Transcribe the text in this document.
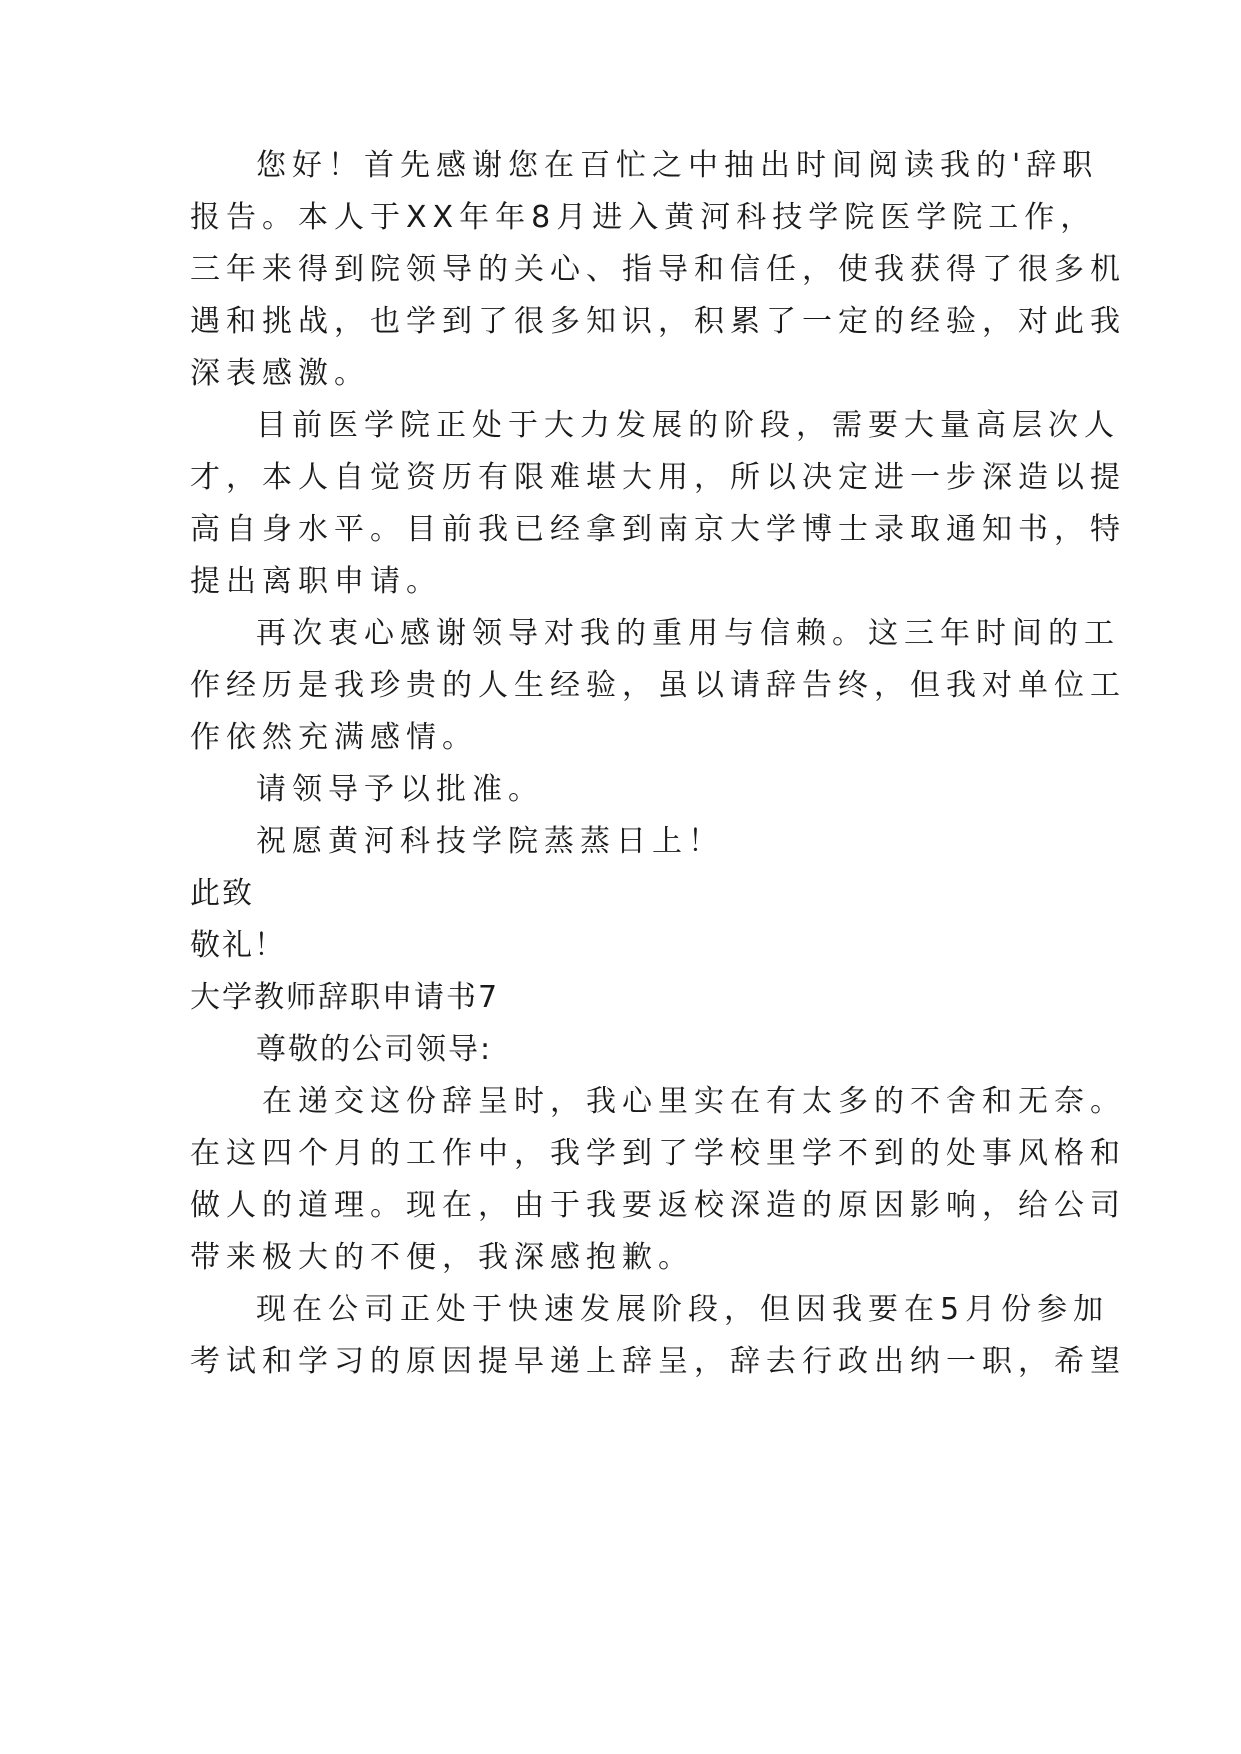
您好！首先感谢您在百忙之中抽出时间阅读我的'辞职
报告。本人于XX年年8月进入黄河科技学院医学院工作，
三年来得到院领导的关心、指导和信任，使我获得了很多机
遇和挑战，也学到了很多知识，积累了一定的经验，对此我
深表感激。
目前医学院正处于大力发展的阶段，需要大量高层次人
才，本人自觉资历有限难堪大用，所以决定进一步深造以提
高自身水平。目前我已经拿到南京大学博士录取通知书，特
提出离职申请。
再次衷心感谢领导对我的重用与信赖。这三年时间的工
作经历是我珍贵的人生经验，虽以请辞告终，但我对单位工
作依然充满感情。
请领导予以批准。
祝愿黄河科技学院蒸蒸日上！
此致
敬礼！
大学教师辞职申请书7
尊敬的公司领导:
在递交这份辞呈时，我心里实在有太多的不舍和无奈。
在这四个月的工作中，我学到了学校里学不到的处事风格和
做人的道理。现在，由于我要返校深造的原因影响，给公司
带来极大的不便，我深感抱歉。
现在公司正处于快速发展阶段，但因我要在5月份参加
考试和学习的原因提早递上辞呈，辞去行政出纳一职，希望
